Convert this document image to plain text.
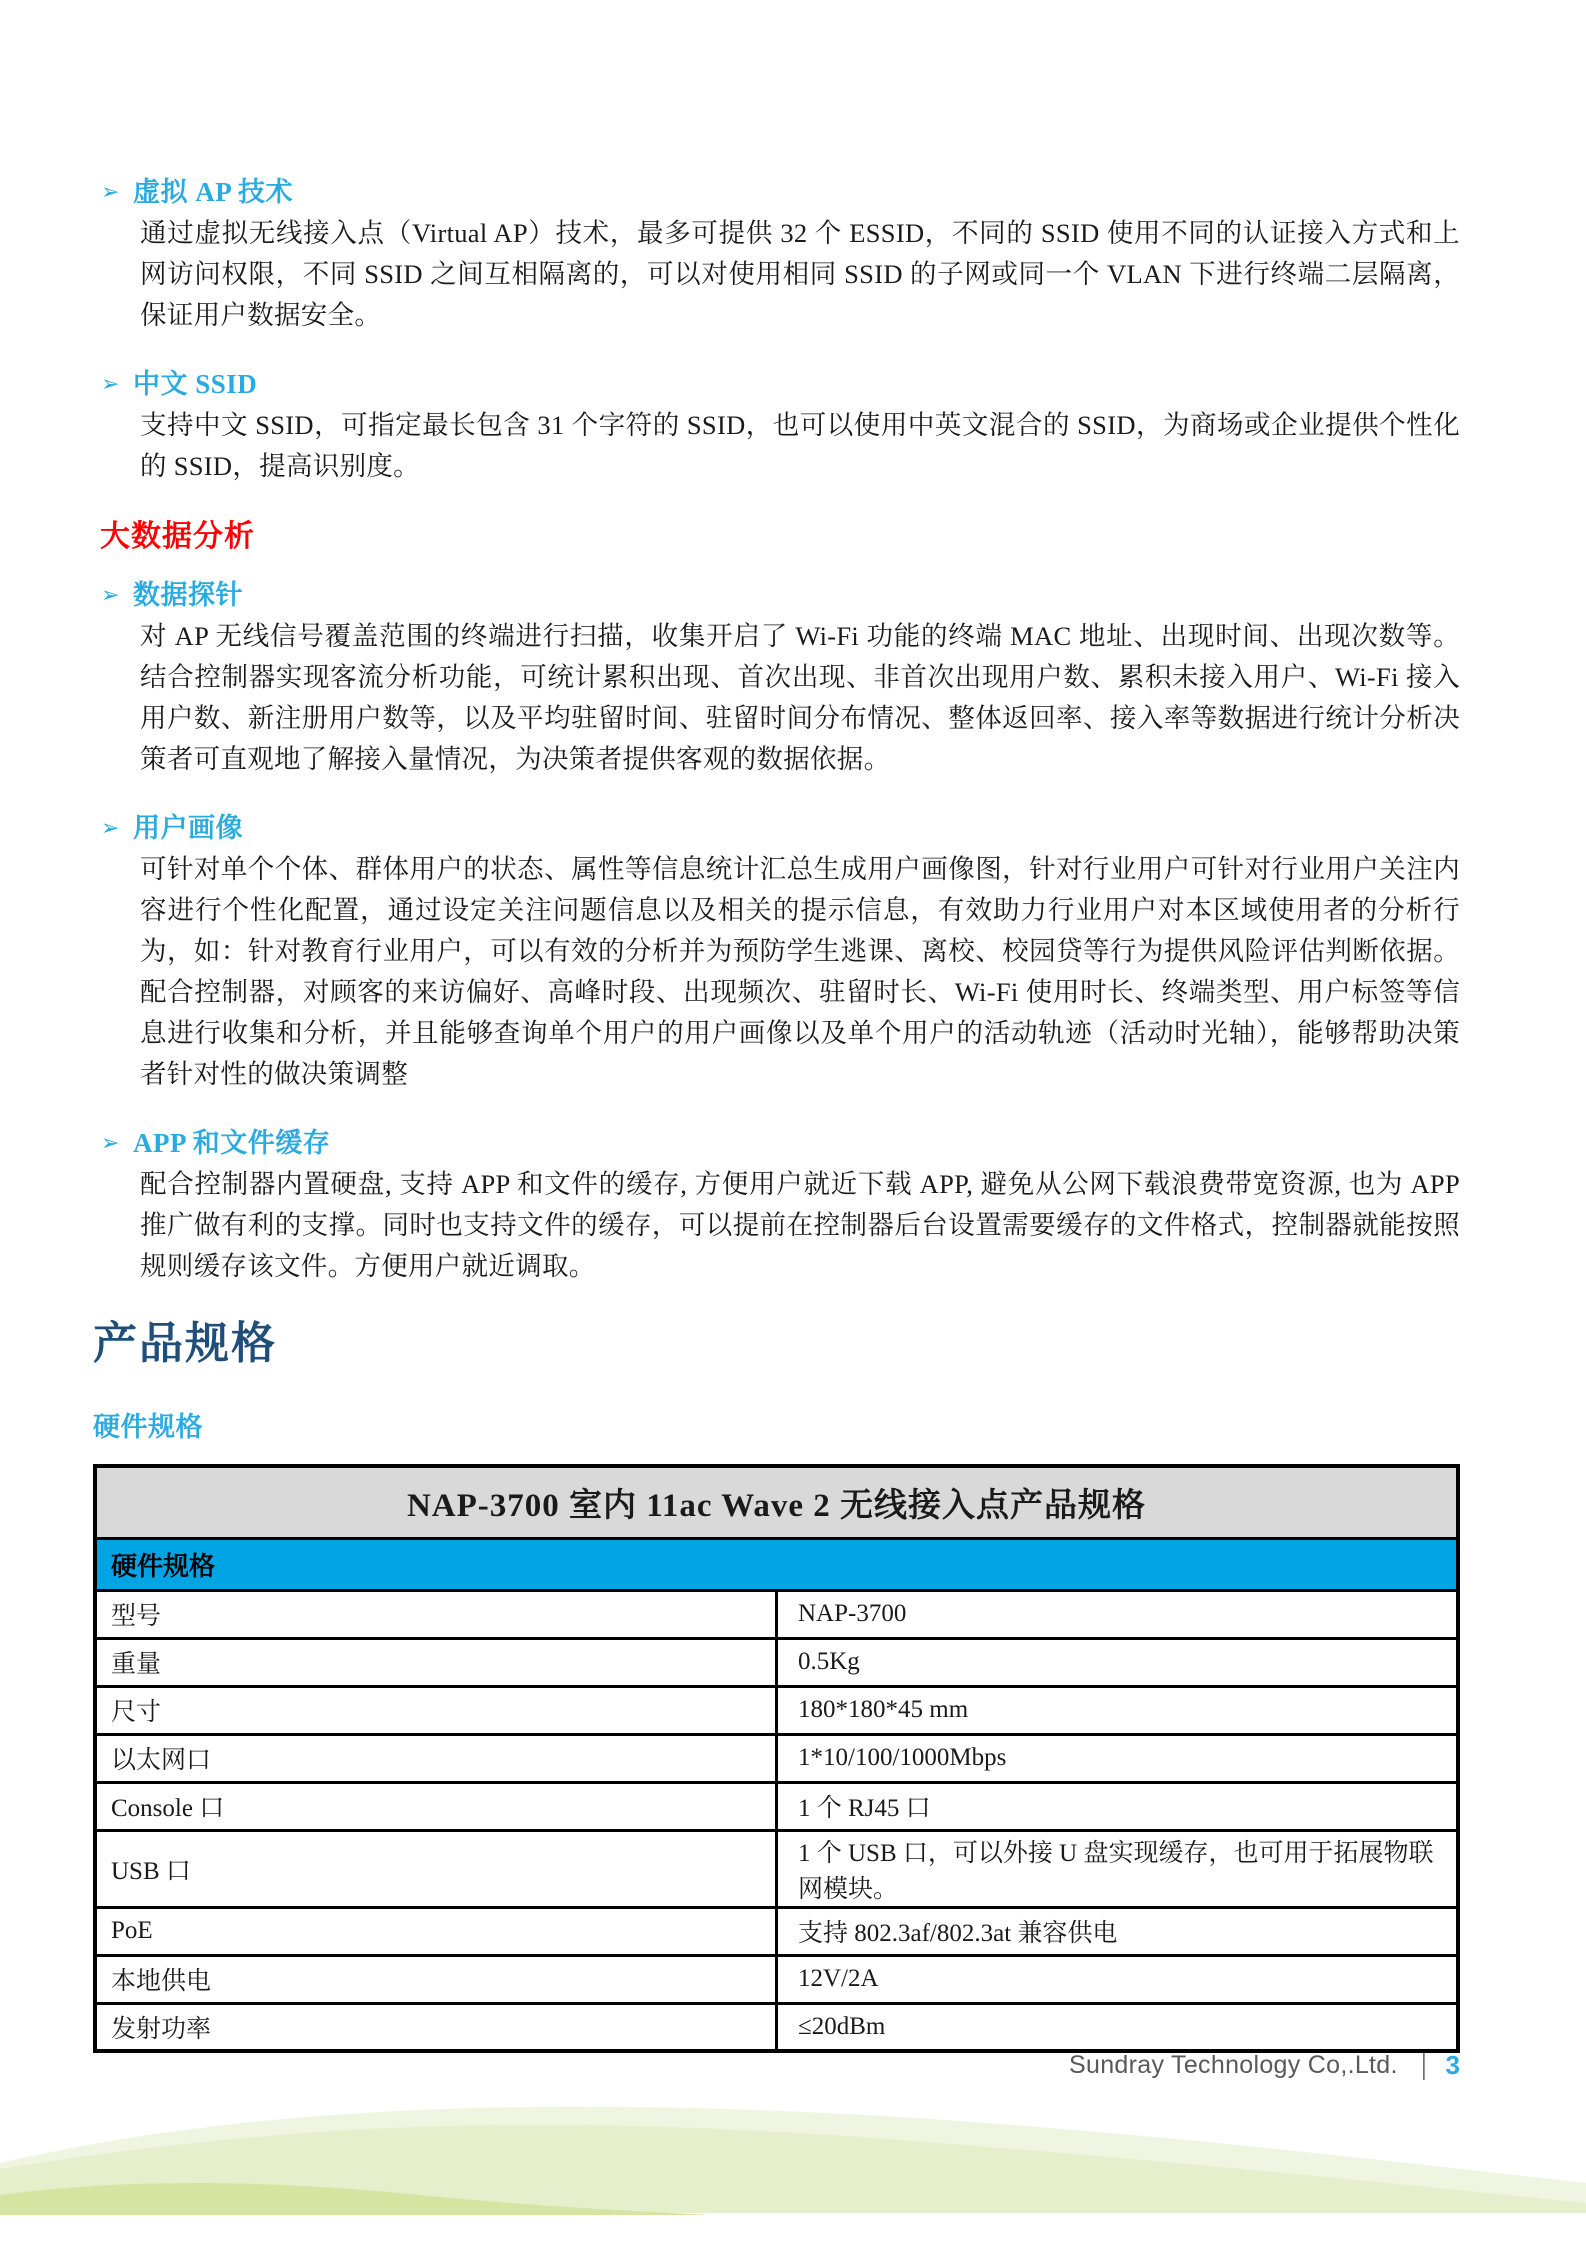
➢ 虚拟 AP 技术

通过虚拟无线接入点（Virtual AP）技术，最多可提供 32 个 ESSID，不同的 SSID 使用不同的认证接入方式和上网访问权限，不同 SSID 之间互相隔离的，可以对使用相同 SSID 的子网或同一个 VLAN 下进行终端二层隔离，保证用户数据安全。

➢ 中文 SSID

支持中文 SSID，可指定最长包含 31 个字符的 SSID，也可以使用中英文混合的 SSID，为商场或企业提供个性化的 SSID，提高识别度。

大数据分析
➢ 数据探针

对 AP 无线信号覆盖范围的终端进行扫描，收集开启了 Wi-Fi 功能的终端 MAC 地址、出现时间、出现次数等。结合控制器实现客流分析功能，可统计累积出现、首次出现、非首次出现用户数、累积未接入用户、Wi-Fi 接入用户数、新注册用户数等，以及平均驻留时间、驻留时间分布情况、整体返回率、接入率等数据进行统计分析决策者可直观地了解接入量情况，为决策者提供客观的数据依据。

➢ 用户画像

可针对单个个体、群体用户的状态、属性等信息统计汇总生成用户画像图，针对行业用户可针对行业用户关注内容进行个性化配置，通过设定关注问题信息以及相关的提示信息，有效助力行业用户对本区域使用者的分析行为，如：针对教育行业用户，可以有效的分析并为预防学生逃课、离校、校园贷等行为提供风险评估判断依据。配合控制器，对顾客的来访偏好、高峰时段、出现频次、驻留时长、Wi-Fi 使用时长、终端类型、用户标签等信息进行收集和分析，并且能够查询单个用户的用户画像以及单个用户的活动轨迹（活动时光轴），能够帮助决策者针对性的做决策调整

➢ APP 和文件缓存

配合控制器内置硬盘, 支持 APP 和文件的缓存, 方便用户就近下载 APP, 避免从公网下载浪费带宽资源, 也为 APP 推广做有利的支撑。同时也支持文件的缓存，可以提前在控制器后台设置需要缓存的文件格式，控制器就能按照规则缓存该文件。方便用户就近调取。

产品规格
硬件规格
NAP-3700 室内 11ac Wave 2 无线接入点产品规格	
硬件规格	
型号	NAP-3700
重量	0.5Kg
尺寸	180*180*45 mm
以太网口	1*10/100/1000Mbps
Console 口	1 个 RJ45 口
USB 口	1 个 USB 口，可以外接 U 盘实现缓存，也可用于拓展物联网模块。
PoE	支持 802.3af/802.3at 兼容供电
本地供电	12V/2A
发射功率	≤20dBm
Sundray Technology Co,.Ltd. | 3
